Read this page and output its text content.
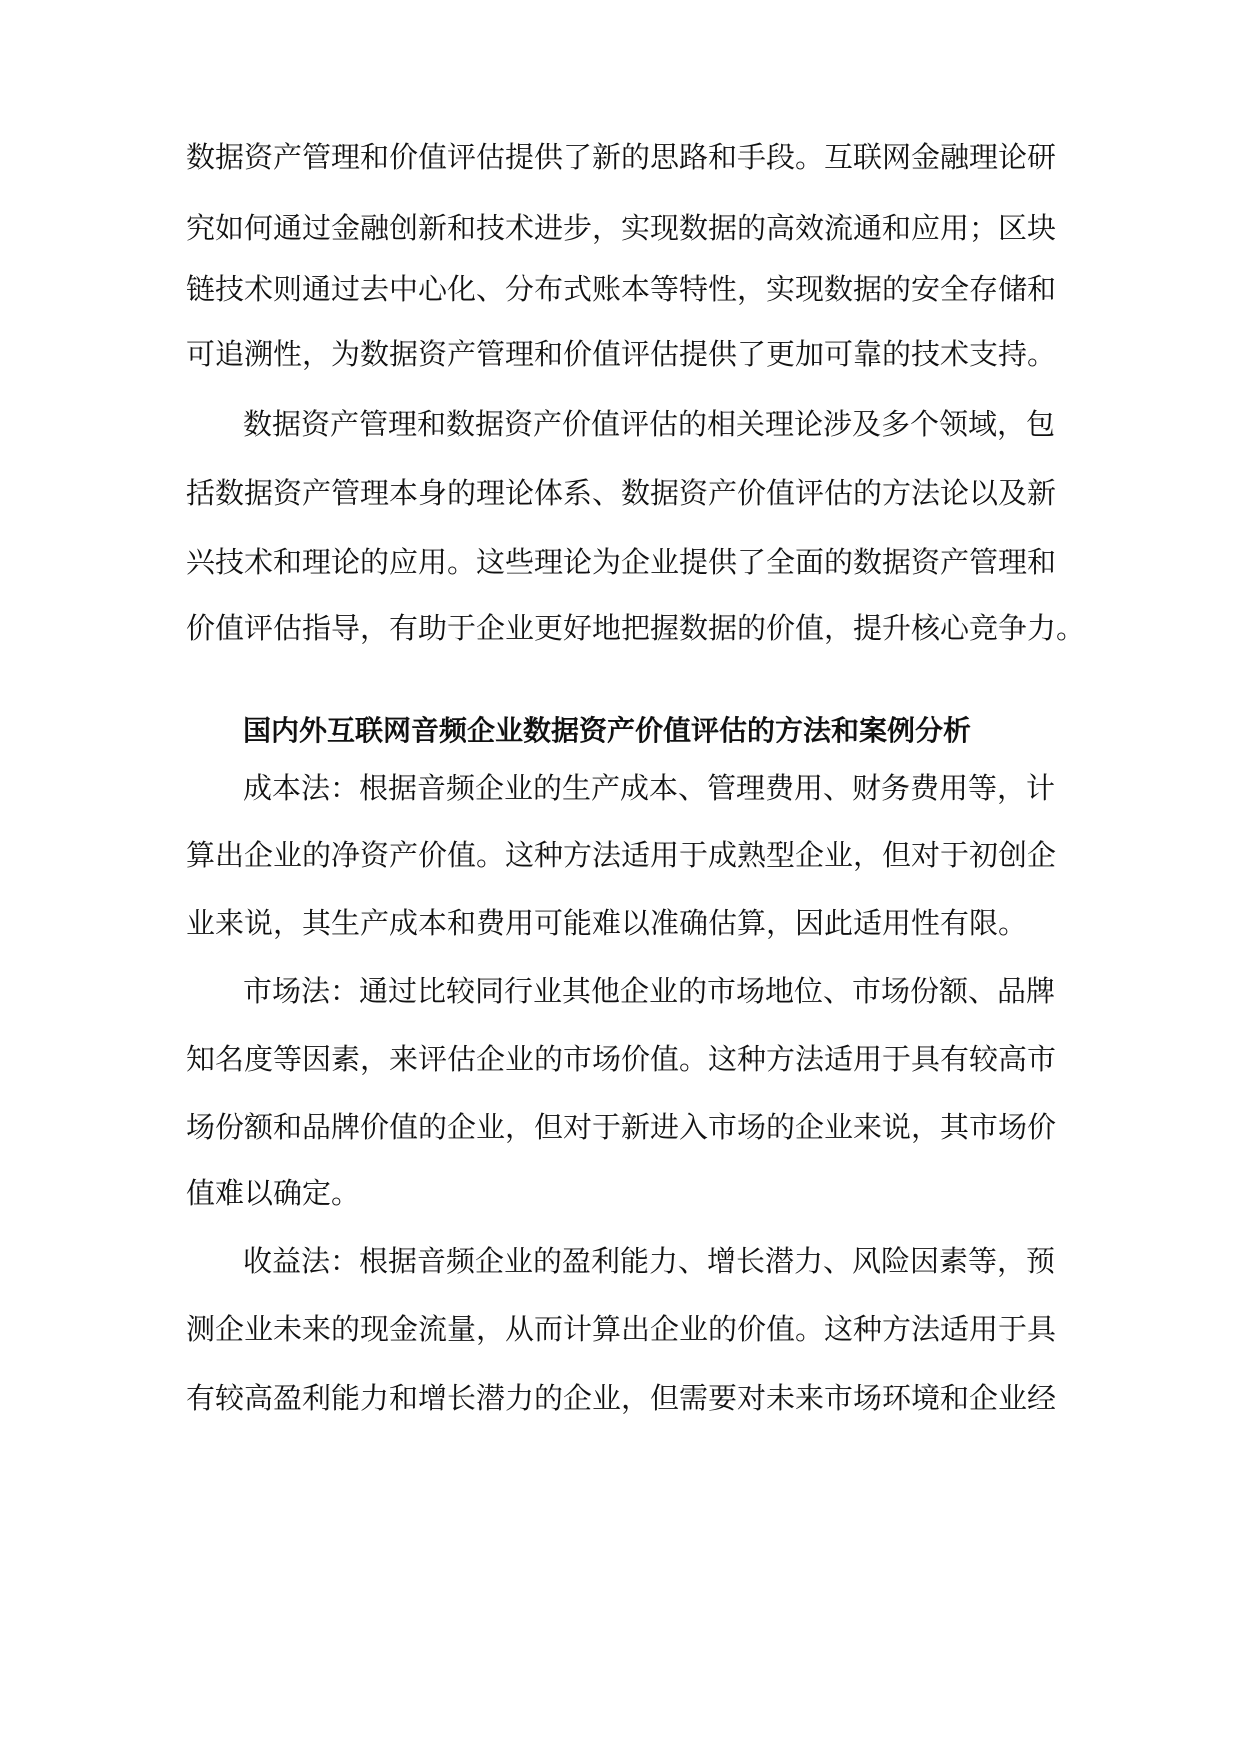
数据资产管理和价值评估提供了新的思路和手段。互联网金融理论研
究如何通过金融创新和技术进步，实现数据的高效流通和应用；区块
链技术则通过去中心化、分布式账本等特性，实现数据的安全存储和
可追溯性，为数据资产管理和价值评估提供了更加可靠的技术支持。
数据资产管理和数据资产价值评估的相关理论涉及多个领域，包
括数据资产管理本身的理论体系、数据资产价值评估的方法论以及新
兴技术和理论的应用。这些理论为企业提供了全面的数据资产管理和
价值评估指导，有助于企业更好地把握数据的价值，提升核心竞争力。
国内外互联网音频企业数据资产价值评估的方法和案例分析
成本法：根据音频企业的生产成本、管理费用、财务费用等，计
算出企业的净资产价值。这种方法适用于成熟型企业，但对于初创企
业来说，其生产成本和费用可能难以准确估算，因此适用性有限。
市场法：通过比较同行业其他企业的市场地位、市场份额、品牌
知名度等因素，来评估企业的市场价值。这种方法适用于具有较高市
场份额和品牌价值的企业，但对于新进入市场的企业来说，其市场价
值难以确定。
收益法：根据音频企业的盈利能力、增长潜力、风险因素等，预
测企业未来的现金流量，从而计算出企业的价值。这种方法适用于具
有较高盈利能力和增长潜力的企业，但需要对未来市场环境和企业经
